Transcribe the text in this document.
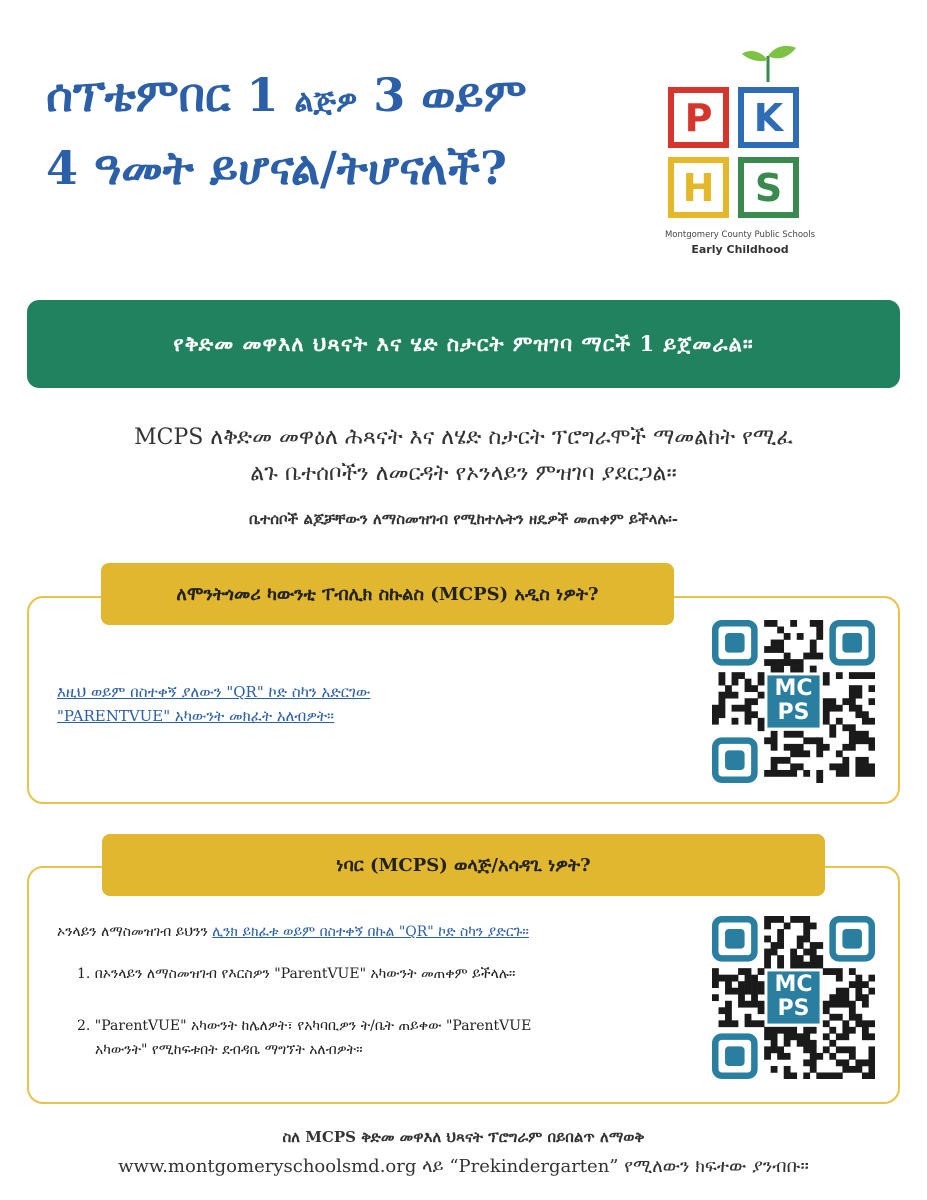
ሰፕቴምበር 1 ልጅዎ 3 ወይም
4 ዓመት ይሆናል/ትሆናለች?
P	K
H	S
Montgomery County Public Schools
Early Childhood
የቅድመ መዋእለ ህጻናት እና ሄድ ስታርት ምዝገባ ማርች 1 ይጀመራል።
MCPS ለቅድመ መዋዕለ ሕጻናት እና ለሄድ ስታርት ፕሮግራሞች ማመልከት የሚፈ
ልጉ ቤተሰቦችን ለመርዳት የኦንላይን ምዝገባ ያደርጋል።
ቤተሰቦች ልጆቻቸውን ለማስመዝገብ የሚከተሉትን ዘዴዎች መጠቀም ይችላሉ፡-
እዚህ ወይም በስተቀኝ ያለውን "QR" ኮድ ስካን አድርገው
"PARENTVUE" አካውንት መክፈት አለብዎት።
MC
PS
ለሞንትጎመሪ ካውንቲ ፐብሊክ ስኩልስ (MCPS) አዲስ ነዎት?
ኦንላይን ለማስመዝገብ ይህንን ሊንክ ይክፈቱ ወይም በስተቀኝ በኩል "QR" ኮድ ስካን ያድርጉ።
1. በኦንላይን ለማስመዝገብ የእርስዎን "ParentVUE" አካውንት መጠቀም ይችላሉ።
2. "ParentVUE" አካውንት ከሌለዎት፣ የአካባቢዎን ት/ቤት ጠይቀው "ParentVUE
አካውንት" የሚከፍቱበት ደብዳቤ ማግኘት አለብዎት።
MC
PS
ነባር (MCPS) ወላጅ/አሳዳጊ ነዎት?
ስለ MCPS ቅድመ መዋእለ ህጻናት ፕሮግራም በይበልጥ ለማወቅ
www.montgomeryschoolsmd.org ላይ “Prekindergarten” የሚለውን ክፍተው ያንብቡ።
